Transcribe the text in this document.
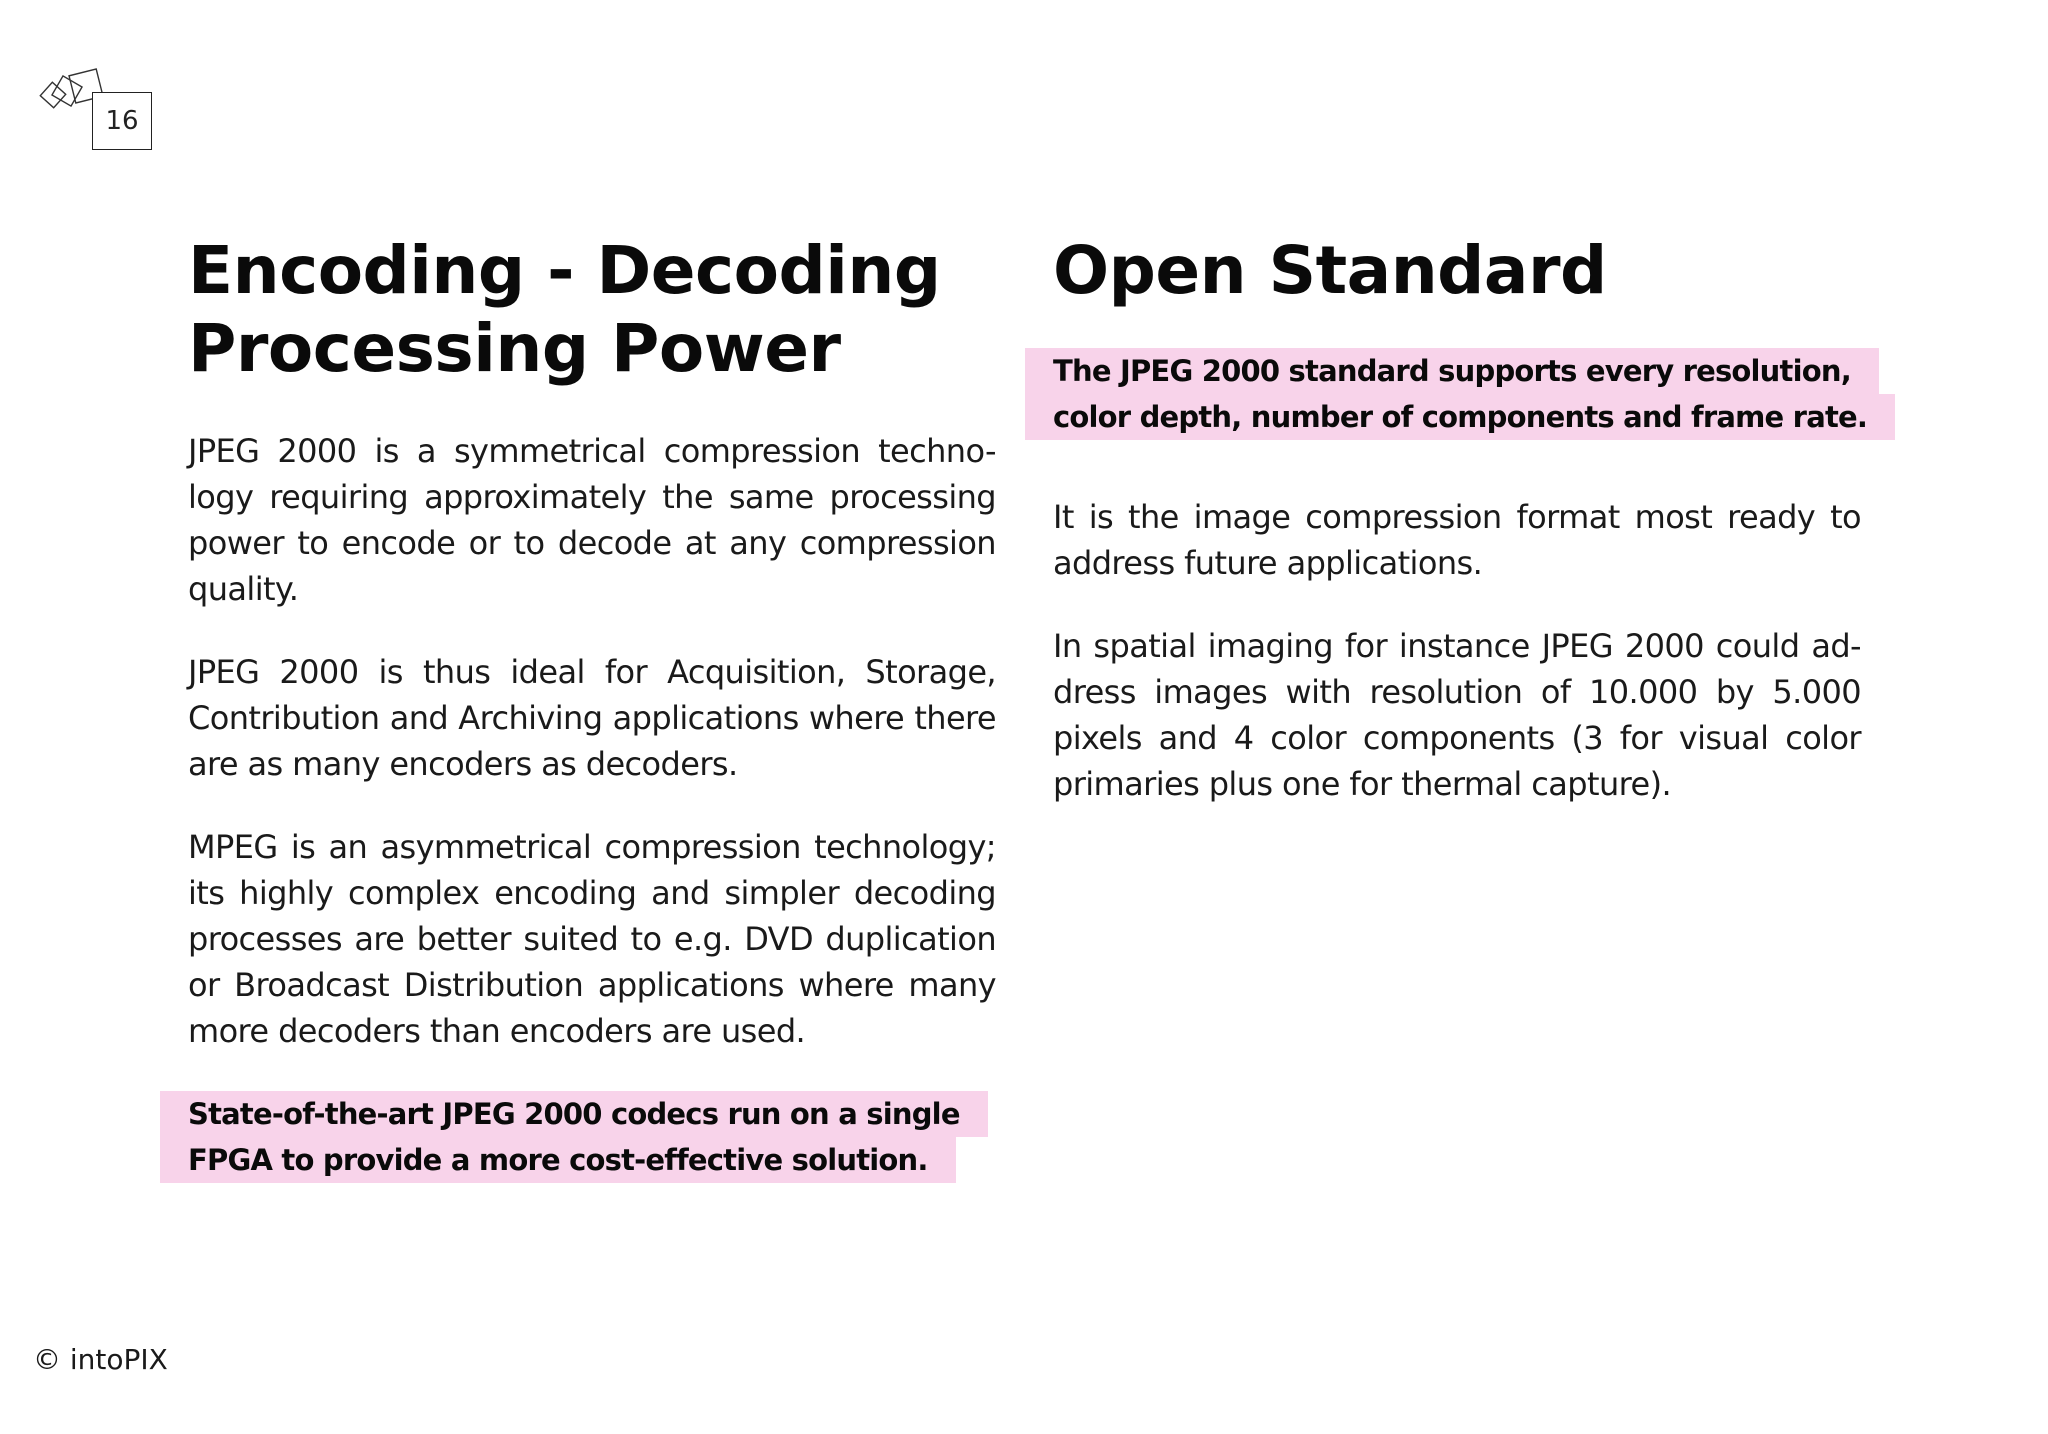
16
Encoding - Decoding
Processing Power

JPEG 2000 is a symmetrical compression techno-logy requiring approximately the same processing power to encode or to decode at any compression quality.

JPEG 2000 is thus ideal for Acquisition, Storage, Contribution and Archiving applications where there are as many encoders as decoders.

MPEG is an asymmetrical compression technology; its highly complex encoding and simpler decoding processes are better suited to e.g. DVD duplication or Broadcast Distribution applications where many more decoders than encoders are used.

State-of-the-art JPEG 2000 codecs run on a single
FPGA to provide a more cost-effective solution.
Open Standard
The JPEG 2000 standard supports every resolution,
color depth, number of components and frame rate.

It is the image compression format most ready to address future applications.

In spatial imaging for instance JPEG 2000 could ad-dress images with resolution of 10.000 by 5.000 pixels and 4 color components (3 for visual color primaries plus one for thermal capture).

© intoPIX
